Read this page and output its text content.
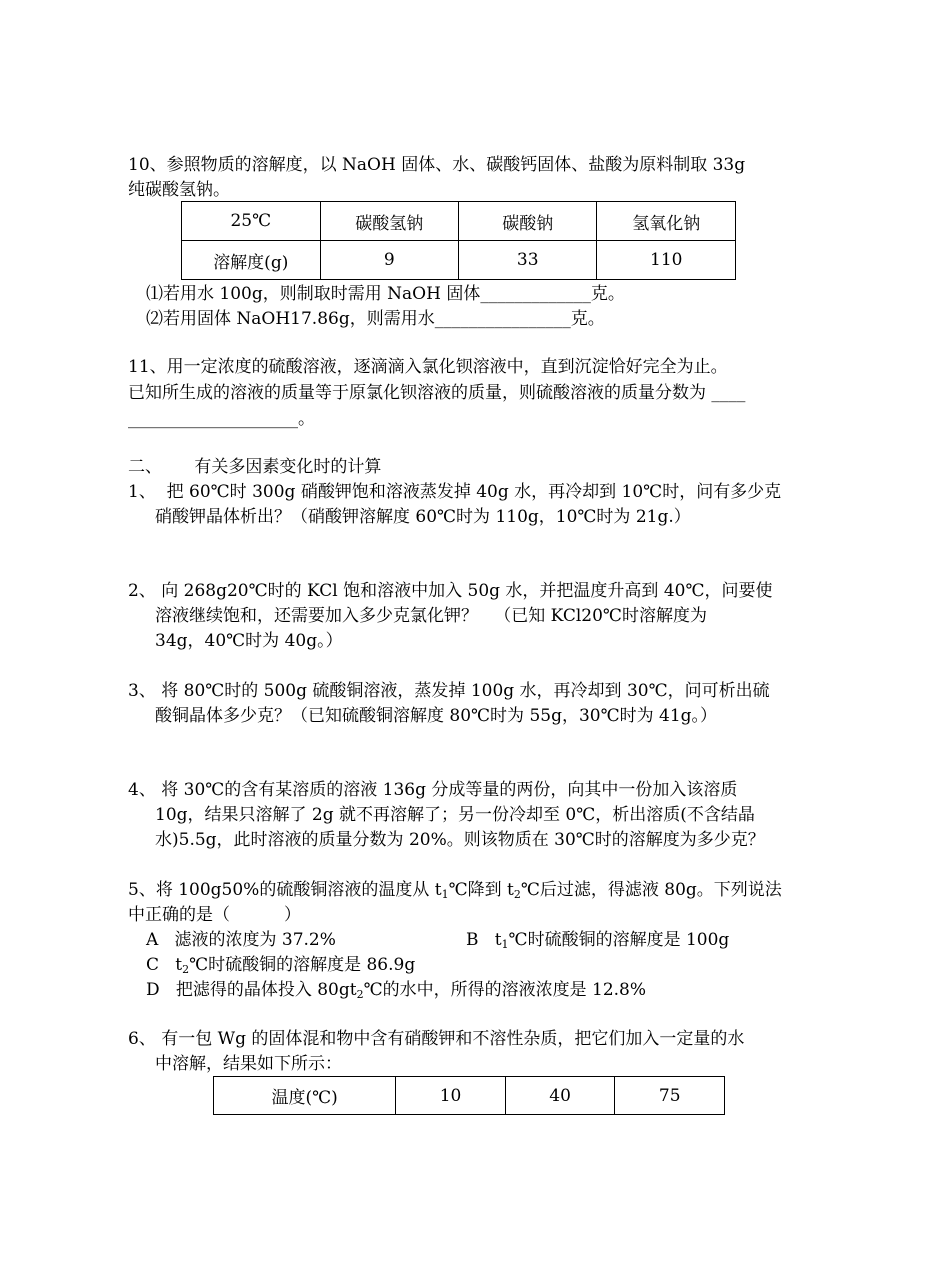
10、参照物质的溶解度，以 NaOH 固体、水、碳酸钙固体、盐酸为原料制取 33g
纯碳酸氢钠。
25℃	碳酸氢钠	碳酸钠	氢氧化钠
溶解度(g)	9	33	110
⑴若用水 100g，则制取时需用 NaOH 固体_____________克。
⑵若用固体 NaOH17.86g，则需用水________________克。
11、用一定浓度的硫酸溶液，逐滴滴入氯化钡溶液中，直到沉淀恰好完全为止。
已知所生成的溶液的质量等于原氯化钡溶液的质量，则硫酸溶液的质量分数为 ____
____________________。
二、      有关多因素变化时的计算
1、  把 60℃时 300g 硝酸钾饱和溶液蒸发掉 40g 水，再冷却到 10℃时，问有多少克
硝酸钾晶体析出？（硝酸钾溶解度 60℃时为 110g，10℃时为 21g.）
2、 向 268g20℃时的 KCl 饱和溶液中加入 50g 水，并把温度升高到 40℃，问要使
溶液继续饱和，还需要加入多少克氯化钾？   （已知 KCl20℃时溶解度为
34g，40℃时为 40g。）
3、 将 80℃时的 500g 硫酸铜溶液，蒸发掉 100g 水，再冷却到 30℃，问可析出硫
酸铜晶体多少克？（已知硫酸铜溶解度 80℃时为 55g，30℃时为 41g。）
4、 将 30℃的含有某溶质的溶液 136g 分成等量的两份，向其中一份加入该溶质
10g，结果只溶解了 2g 就不再溶解了；另一份冷却至 0℃，析出溶质(不含结晶
水)5.5g，此时溶液的质量分数为 20%。则该物质在 30℃时的溶解度为多少克？
5、将 100g50%的硫酸铜溶液的温度从 $t_1℃$降到 $t_2℃$后过滤，得滤液 80g。下列说法
中正确的是（          ）
A   滤液的浓度为 37.2%	B   $t_1℃$时硫酸铜的溶解度是 100g
C   $t_2℃$时硫酸铜的溶解度是 86.9g
D   把滤得的晶体投入 $80gt_2℃$的水中，所得的溶液浓度是 12.8%
6、 有一包 Wg 的固体混和物中含有硝酸钾和不溶性杂质，把它们加入一定量的水
中溶解，结果如下所示：
温度(℃)	10	40	75
